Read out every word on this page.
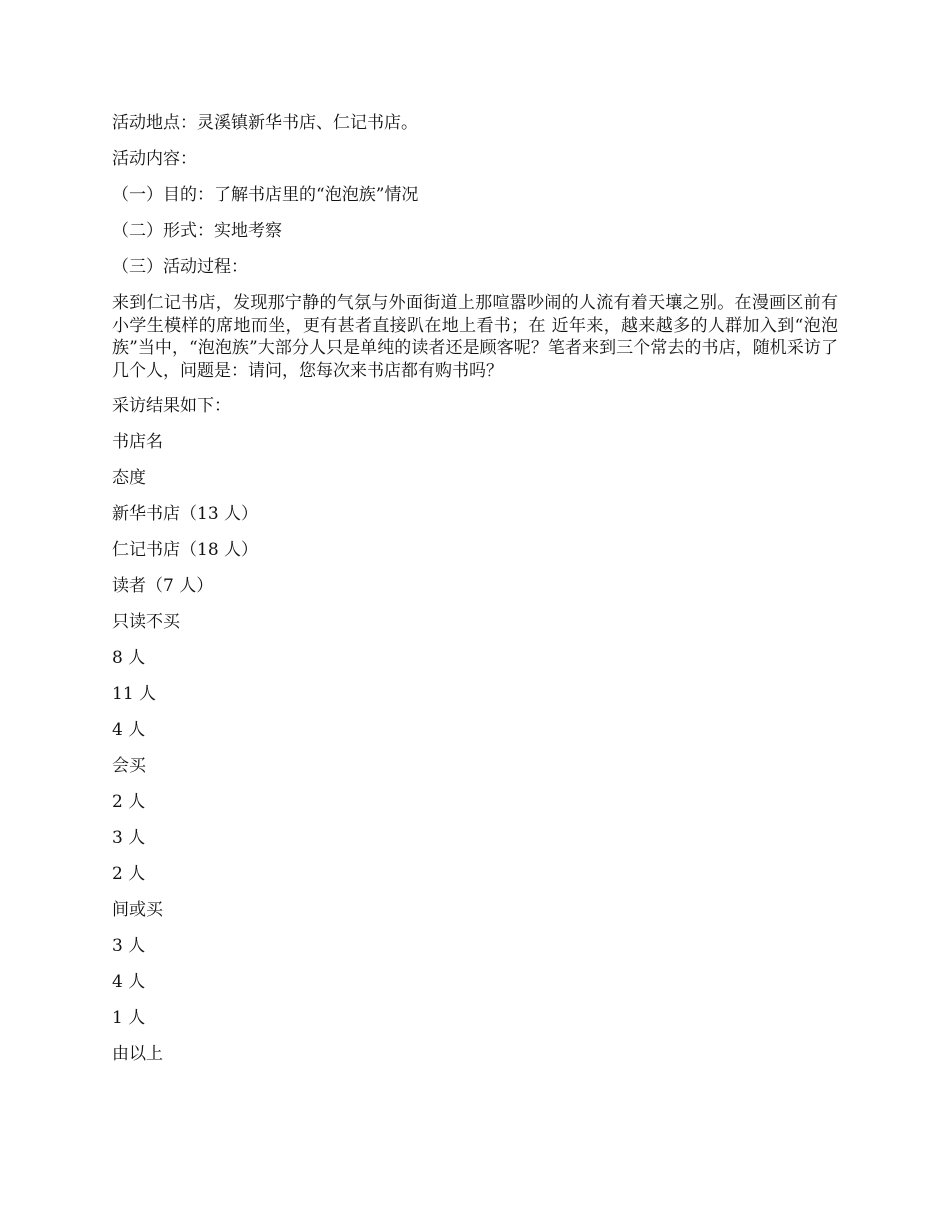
活动地点：灵溪镇新华书店、仁记书店。
活动内容：
（一）目的：了解书店里的“泡泡族”情况
（二）形式：实地考察
（三）活动过程：
来到仁记书店，发现那宁静的气氛与外面街道上那喧嚣吵闹的人流有着天壤之别。在漫画区前有小学生模样的席地而坐，更有甚者直接趴在地上看书；在 近年来，越来越多的人群加入到“泡泡族”当中，“泡泡族”大部分人只是单纯的读者还是顾客呢？笔者来到三个常去的书店，随机采访了几个人，问题是：请问，您每次来书店都有购书吗？
采访结果如下：
书店名
态度
新华书店（13 人）
仁记书店（18 人）
读者（7 人）
只读不买
8 人
11 人
4 人
会买
2 人
3 人
2 人
间或买
3 人
4 人
1 人
由以上
